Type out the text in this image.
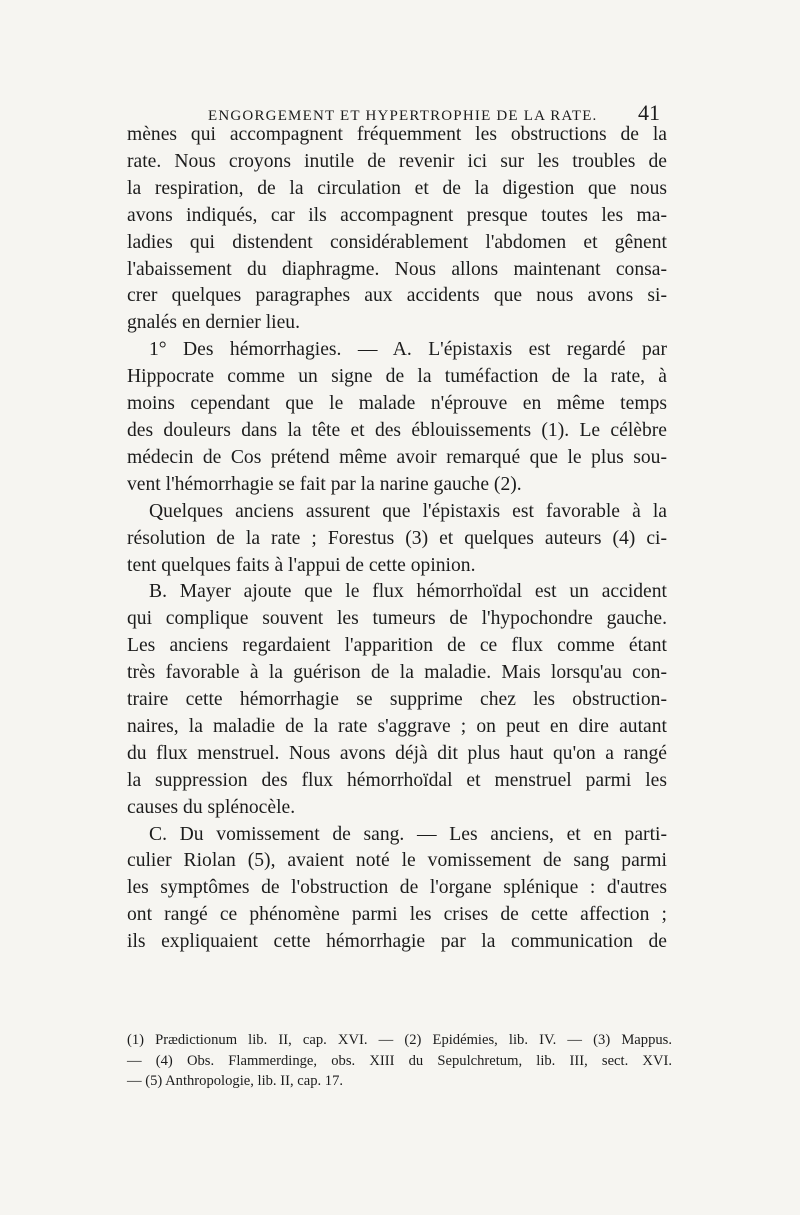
ENGORGEMENT ET HYPERTROPHIE DE LA RATE. 41
mènes qui accompagnent fréquemment les obstructions de la
rate. Nous croyons inutile de revenir ici sur les troubles de
la respiration, de la circulation et de la digestion que nous
avons indiqués, car ils accompagnent presque toutes les ma-
ladies qui distendent considérablement l'abdomen et gênent
l'abaissement du diaphragme. Nous allons maintenant consa-
crer quelques paragraphes aux accidents que nous avons si-
gnalés en dernier lieu.
1° Des hémorrhagies. — A. L'épistaxis est regardé par
Hippocrate comme un signe de la tuméfaction de la rate, à
moins cependant que le malade n'éprouve en même temps
des douleurs dans la tête et des éblouissements (1). Le célèbre
médecin de Cos prétend même avoir remarqué que le plus sou-
vent l'hémorrhagie se fait par la narine gauche (2).
Quelques anciens assurent que l'épistaxis est favorable à la
résolution de la rate ; Forestus (3) et quelques auteurs (4) ci-
tent quelques faits à l'appui de cette opinion.
B. Mayer ajoute que le flux hémorrhoïdal est un accident
qui complique souvent les tumeurs de l'hypochondre gauche.
Les anciens regardaient l'apparition de ce flux comme étant
très favorable à la guérison de la maladie. Mais lorsqu'au con-
traire cette hémorrhagie se supprime chez les obstruction-
naires, la maladie de la rate s'aggrave ; on peut en dire autant
du flux menstruel. Nous avons déjà dit plus haut qu'on a rangé
la suppression des flux hémorrhoïdal et menstruel parmi les
causes du splénocèle.
C. Du vomissement de sang. — Les anciens, et en parti-
culier Riolan (5), avaient noté le vomissement de sang parmi
les symptômes de l'obstruction de l'organe splénique : d'autres
ont rangé ce phénomène parmi les crises de cette affection ;
ils expliquaient cette hémorrhagie par la communication de
(1) Prædictionum lib. II, cap. XVI. — (2) Epidémies, lib. IV. — (3) Mappus.
— (4) Obs. Flammerdinge, obs. XIII du Sepulchretum, lib. III, sect. XVI.
— (5) Anthropologie, lib. II, cap. 17.
